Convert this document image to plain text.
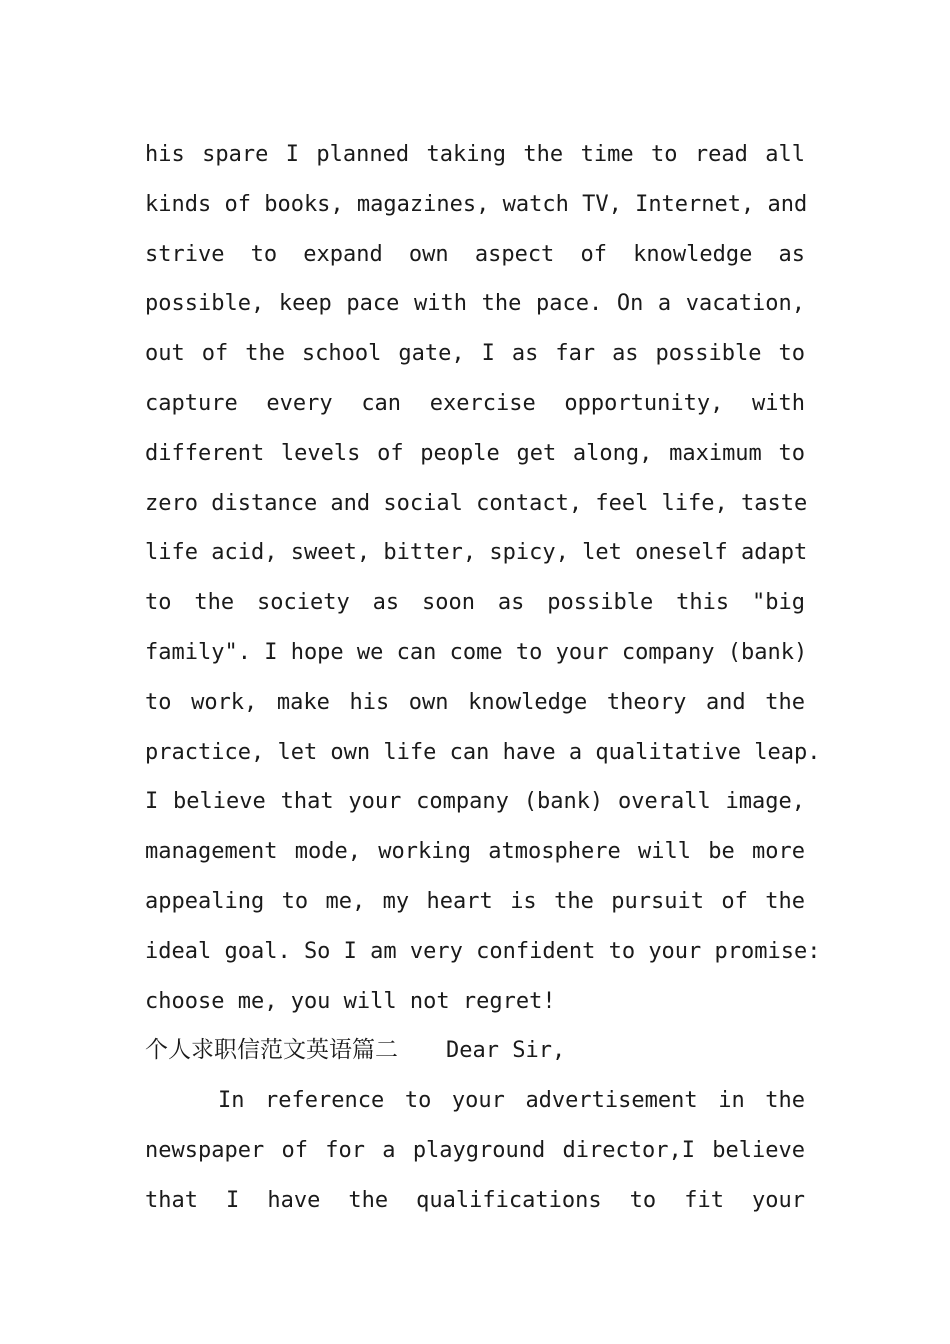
his spare I planned taking the time to read all
kinds of books, magazines, watch TV, Internet, and
strive to expand own aspect of knowledge as
possible, keep pace with the pace. On a vacation,
out of the school gate, I as far as possible to
capture every can exercise opportunity, with
different levels of people get along, maximum to
zero distance and social contact, feel life, taste
life acid, sweet, bitter, spicy, let oneself adapt
to the society as soon as possible this "big
family". I hope we can come to your company (bank)
to work, make his own knowledge theory and the
practice, let own life can have a qualitative leap.
I believe that your company (bank) overall image,
management mode, working atmosphere will be more
appealing to me, my heart is the pursuit of the
ideal goal. So I am very confident to your promise:
choose me, you will not regret!
个人求职信范文英语篇二 Dear Sir,
In reference to your advertisement in the
newspaper of for a playground director,I believe
that I have the qualifications to fit your
